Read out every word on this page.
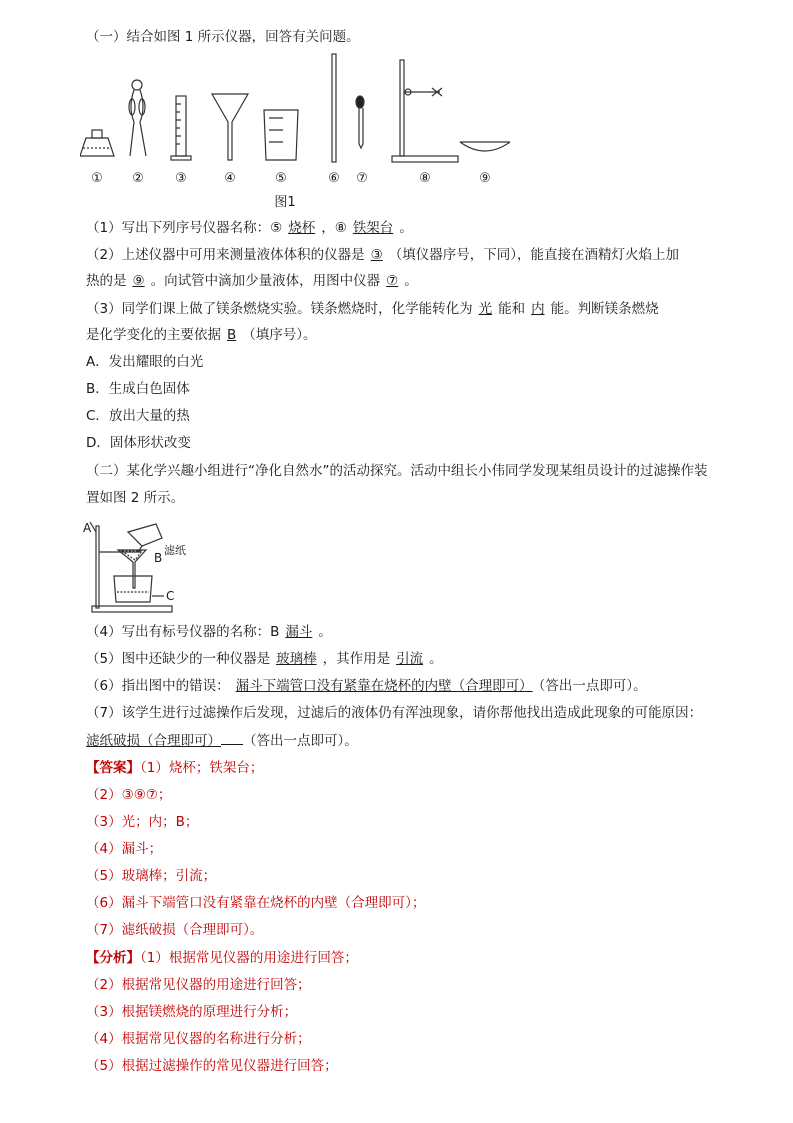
（一）结合如图 1 所示仪器，回答有关问题。
① ② ③	④	⑤	⑥ ⑦	⑧	⑨
图1
（1）写出下列序号仪器名称：⑤ 烧杯 ，⑧ 铁架台 。
（2）上述仪器中可用来测量液体体积的仪器是 ③ （填仪器序号，下同），能直接在酒精灯火焰上加
热的是 ⑨ 。向试管中滴加少量液体，用图中仪器 ⑦ 。
（3）同学们课上做了镁条燃烧实验。镁条燃烧时，化学能转化为 光 能和 内 能。判断镁条燃烧
是化学变化的主要依据 B （填序号）。
A．发出耀眼的白光
B．生成白色固体
C．放出大量的热
D．固体形状改变
（二）某化学兴趣小组进行“净化自然水”的活动探究。活动中组长小伟同学发现某组员设计的过滤操作装
置如图 2 所示。
A
B
滤纸
C
（4）写出有标号仪器的名称：B 漏斗 。
（5）图中还缺少的一种仪器是 玻璃棒 ，其作用是 引流 。
（6）指出图中的错误： 漏斗下端管口没有紧靠在烧杯的内壁（合理即可） （答出一点即可）。
（7）该学生进行过滤操作后发现，过滤后的液体仍有浑浊现象，请你帮他找出造成此现象的可能原因：
滤纸破损（合理即可） （答出一点即可）。
【答案】（1）烧杯；铁架台；
（2）③⑨⑦；
（3）光；内；B；
（4）漏斗；
（5）玻璃棒；引流；
（6）漏斗下端管口没有紧靠在烧杯的内壁（合理即可）；
（7）滤纸破损（合理即可）。
【分析】（1）根据常见仪器的用途进行回答；
（2）根据常见仪器的用途进行回答；
（3）根据镁燃烧的原理进行分析；
（4）根据常见仪器的名称进行分析；
（5）根据过滤操作的常见仪器进行回答；
